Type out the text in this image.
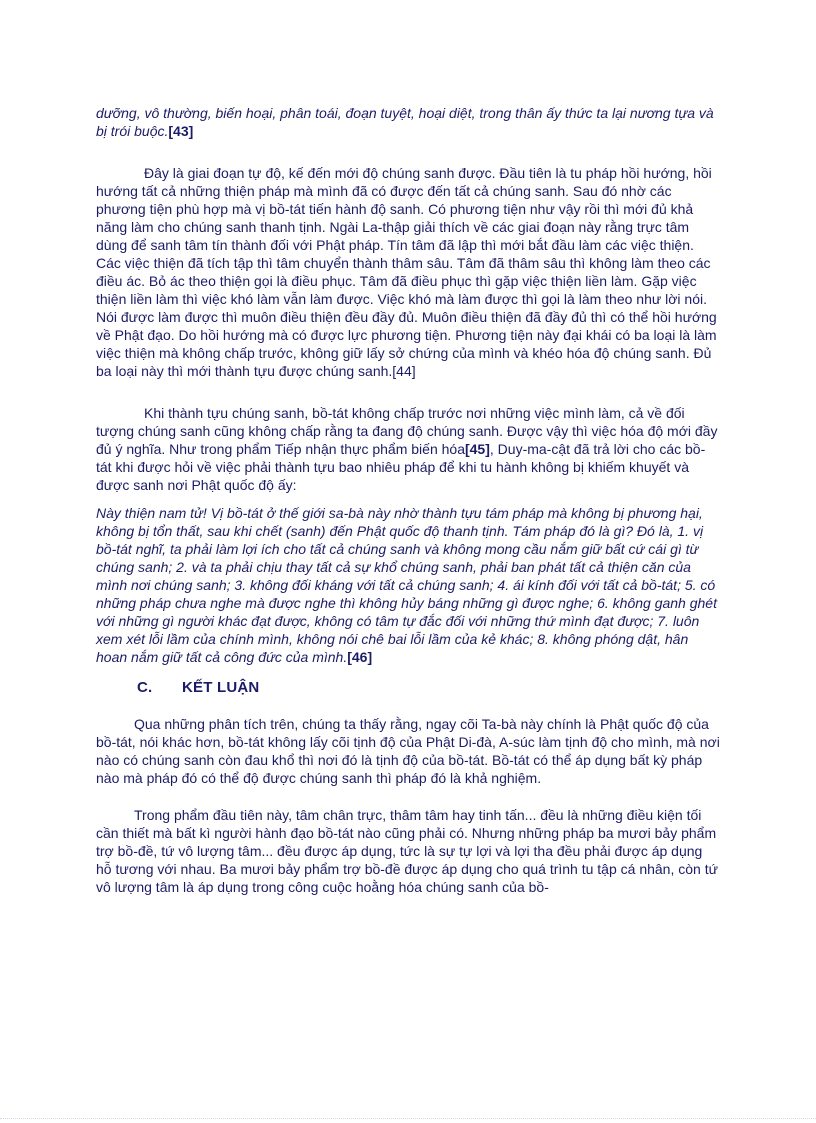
dưỡng, vô thường, biến hoại, phân toái, đoạn tuyệt, hoại diệt, trong thân ấy thức ta lại nương tựa và bị trói buộc.[43]

Đây là giai đoạn tự độ, kế đến mới độ chúng sanh được. Đầu tiên là tu pháp hồi hướng, hồi hướng tất cả những thiện pháp mà mình đã có được đến tất cả chúng sanh. Sau đó nhờ các phương tiện phù hợp mà vị bồ-tát tiến hành độ sanh. Có phương tiện như vậy rồi thì mới đủ khả năng làm cho chúng sanh thanh tịnh. Ngài La-thập giải thích về các giai đoạn này rằng trực tâm dùng để sanh tâm tín thành đối với Phật pháp. Tín tâm đã lập thì mới bắt đầu làm các việc thiện. Các việc thiện đã tích tập thì tâm chuyển thành thâm sâu. Tâm đã thâm sâu thì không làm theo các điều ác. Bỏ ác theo thiện gọi là điều phục. Tâm đã điều phục thì gặp việc thiện liền làm. Gặp việc thiện liền làm thì việc khó làm vẫn làm được. Việc khó mà làm được thì gọi là làm theo như lời nói. Nói được làm được thì muôn điều thiện đều đầy đủ. Muôn điều thiện đã đầy đủ thì có thể hồi hướng về Phật đạo. Do hồi hướng mà có được lực phương tiện. Phương tiện này đại khái có ba loại là làm việc thiện mà không chấp trước, không giữ lấy sở chứng của mình và khéo hóa độ chúng sanh. Đủ ba loại này thì mới thành tựu được chúng sanh.[44]

Khi thành tựu chúng sanh, bồ-tát không chấp trước nơi những việc mình làm, cả về đối tượng chúng sanh cũng không chấp rằng ta đang độ chúng sanh. Được vậy thì việc hóa độ mới đầy đủ ý nghĩa. Như trong phẩm Tiếp nhận thực phẩm biến hóa[45], Duy-ma-cật đã trả lời cho các bồ-tát khi được hỏi về việc phải thành tựu bao nhiêu pháp để khi tu hành không bị khiếm khuyết và được sanh nơi Phật quốc độ ấy:

Này thiện nam tử! Vị bồ-tát ở thế giới sa-bà này nhờ thành tựu tám pháp mà không bị phương hại, không bị tổn thất, sau khi chết (sanh) đến Phật quốc độ thanh tịnh. Tám pháp đó là gì? Đó là, 1. vị bồ-tát nghĩ, ta phải làm lợi ích cho tất cả chúng sanh và không mong cầu nắm giữ bất cứ cái gì từ chúng sanh; 2. và ta phải chịu thay tất cả sự khổ chúng sanh, phải ban phát tất cả thiện căn của mình nơi chúng sanh; 3. không đối kháng với tất cả chúng sanh; 4. ái kính đối với tất cả bồ-tát; 5. có những pháp chưa nghe mà được nghe thì không hủy báng những gì được nghe; 6. không ganh ghét với những gì người khác đạt được, không có tâm tự đắc đối với những thứ mình đạt được; 7. luôn xem xét lỗi lầm của chính mình, không nói chê bai lỗi lầm của kẻ khác; 8. không phóng dật, hân hoan nắm giữ tất cả công đức của mình.[46]

C. KẾT LUẬN

Qua những phân tích trên, chúng ta thấy rằng, ngay cõi Ta-bà này chính là Phật quốc độ của bồ-tát, nói khác hơn, bồ-tát không lấy cõi tịnh độ của Phật Di-đà, A-súc làm tịnh độ cho mình, mà nơi nào có chúng sanh còn đau khổ thì nơi đó là tịnh độ của bồ-tát. Bồ-tát có thể áp dụng bất kỳ pháp nào mà pháp đó có thể độ được chúng sanh thì pháp đó là khả nghiệm.

Trong phẩm đầu tiên này, tâm chân trực, thâm tâm hay tinh tấn... đều là những điều kiện tối cần thiết mà bất kì người hành đạo bồ-tát nào cũng phải có. Nhưng những pháp ba mươi bảy phẩm trợ bồ-đề, tứ vô lượng tâm... đều được áp dụng, tức là sự tự lợi và lợi tha đều phải được áp dụng hỗ tương với nhau. Ba mươi bảy phẩm trợ bồ-đề được áp dụng cho quá trình tu tập cá nhân, còn tứ vô lượng tâm là áp dụng trong công cuộc hoằng hóa chúng sanh của bồ-
